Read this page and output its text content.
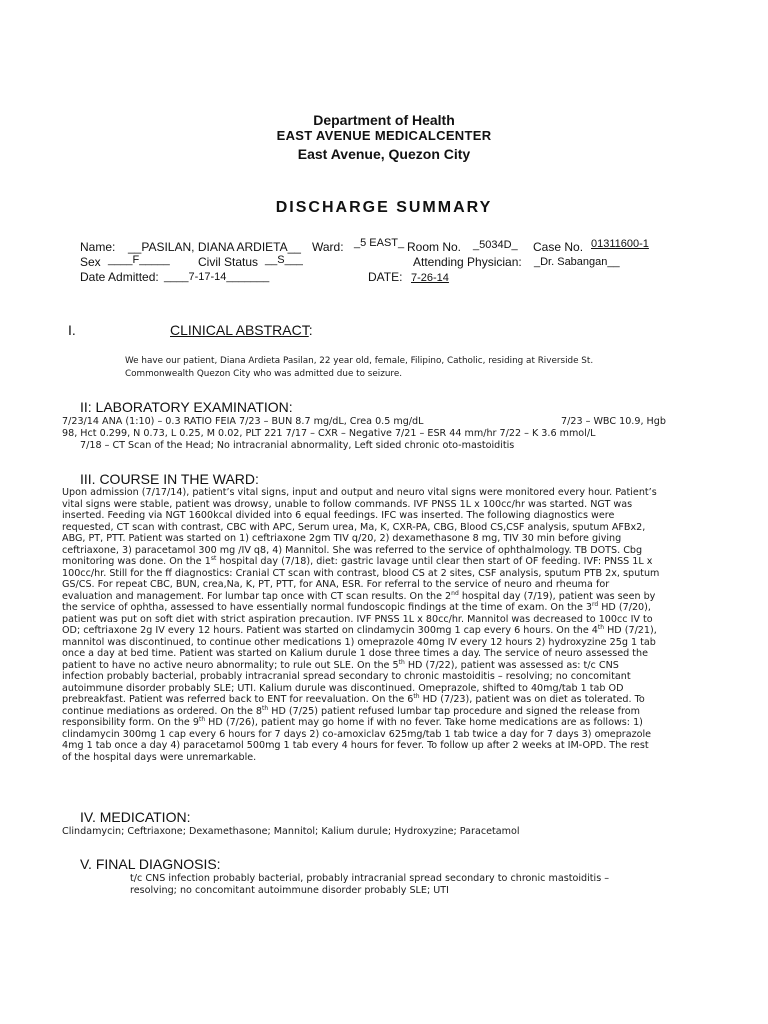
Department of Health
EAST AVENUE MEDICALCENTER
East Avenue, Quezon City
DISCHARGE SUMMARY
Name: __PASILAN, DIANA ARDIETA__ Ward: _5 EAST_ Room No. _5034D_ Case No. 01311600-1
Sex ____F_____ Civil Status __S___	Attending Physician: _Dr. Sabangan__
Date Admitted: ____7-17-14_______	DATE: 7-26-14
I.	CLINICAL ABSTRACT:
We have our patient, Diana Ardieta Pasilan, 22 year old, female, Filipino, Catholic, residing at Riverside St. Commonwealth Quezon City who was admitted due to seizure.
II: LABORATORY EXAMINATION:
7/23/14 ANA (1:10) – 0.3 RATIO FEIA 7/23 – BUN 8.7 mg/dL, Crea 0.5 mg/dL	7/23 – WBC 10.9, Hgb
98, Hct 0.299, N 0.73, L 0.25, M 0.02, PLT 221 7/17 – CXR – Negative 7/21 – ESR 44 mm/hr 7/22 – K 3.6 mmol/L
7/18 – CT Scan of the Head; No intracranial abnormality, Left sided chronic oto-mastoiditis
III. COURSE IN THE WARD:
Upon admission (7/17/14), patient’s vital signs, input and output and neuro vital signs were monitored every hour. Patient’s vital signs were stable, patient was drowsy, unable to follow commands. IVF PNSS 1L x 100cc/hr was started. NGT was inserted. Feeding via NGT 1600kcal divided into 6 equal feedings. IFC was inserted. The following diagnostics were requested, CT scan with contrast, CBC with APC, Serum urea, Ma, K, CXR-PA, CBG, Blood CS,CSF analysis, sputum AFBx2, ABG, PT, PTT. Patient was started on 1) ceftriaxone 2gm TIV q/20, 2) dexamethasone 8 mg, TIV 30 min before giving ceftriaxone, 3) paracetamol 300 mg /IV q8, 4) Mannitol. She was referred to the service of ophthalmology. TB DOTS. Cbg monitoring was done. On the 1st hospital day (7/18), diet: gastric lavage until clear then start of OF feeding. IVF: PNSS 1L x 100cc/hr. Still for the ff diagnostics: Cranial CT scan with contrast, blood CS at 2 sites, CSF analysis, sputum PTB 2x, sputum GS/CS. For repeat CBC, BUN, crea,Na, K, PT, PTT, for ANA, ESR. For referral to the service of neuro and rheuma for evaluation and management. For lumbar tap once with CT scan results. On the 2nd hospital day (7/19), patient was seen by the service of ophtha, assessed to have essentially normal fundoscopic findings at the time of exam. On the 3rd HD (7/20), patient was put on soft diet with strict aspiration precaution. IVF PNSS 1L x 80cc/hr. Mannitol was decreased to 100cc IV to OD; ceftriaxone 2g IV every 12 hours. Patient was started on clindamycin 300mg 1 cap every 6 hours. On the 4th HD (7/21), mannitol was discontinued, to continue other medications 1) omeprazole 40mg IV every 12 hours 2) hydroxyzine 25g 1 tab once a day at bed time. Patient was started on Kalium durule 1 dose three times a day. The service of neuro assessed the patient to have no active neuro abnormality; to rule out SLE. On the 5th HD (7/22), patient was assessed as: t/c CNS infection probably bacterial, probably intracranial spread secondary to chronic mastoiditis – resolving; no concomitant autoimmune disorder probably SLE; UTI. Kalium durule was discontinued. Omeprazole, shifted to 40mg/tab 1 tab OD prebreakfast. Patient was referred back to ENT for reevaluation. On the 6th HD (7/23), patient was on diet as tolerated. To continue mediations as ordered. On the 8th HD (7/25) patient refused lumbar tap procedure and signed the release from responsibility form. On the 9th HD (7/26), patient may go home if with no fever. Take home medications are as follows: 1) clindamycin 300mg 1 cap every 6 hours for 7 days 2) co-amoxiclav 625mg/tab 1 tab twice a day for 7 days 3) omeprazole 4mg 1 tab once a day 4) paracetamol 500mg 1 tab every 4 hours for fever. To follow up after 2 weeks at IM-OPD. The rest of the hospital days were unremarkable.
IV. MEDICATION:
Clindamycin; Ceftriaxone; Dexamethasone; Mannitol; Kalium durule; Hydroxyzine; Paracetamol
V. FINAL DIAGNOSIS:
t/c CNS infection probably bacterial, probably intracranial spread secondary to chronic mastoiditis – resolving; no concomitant autoimmune disorder probably SLE; UTI
